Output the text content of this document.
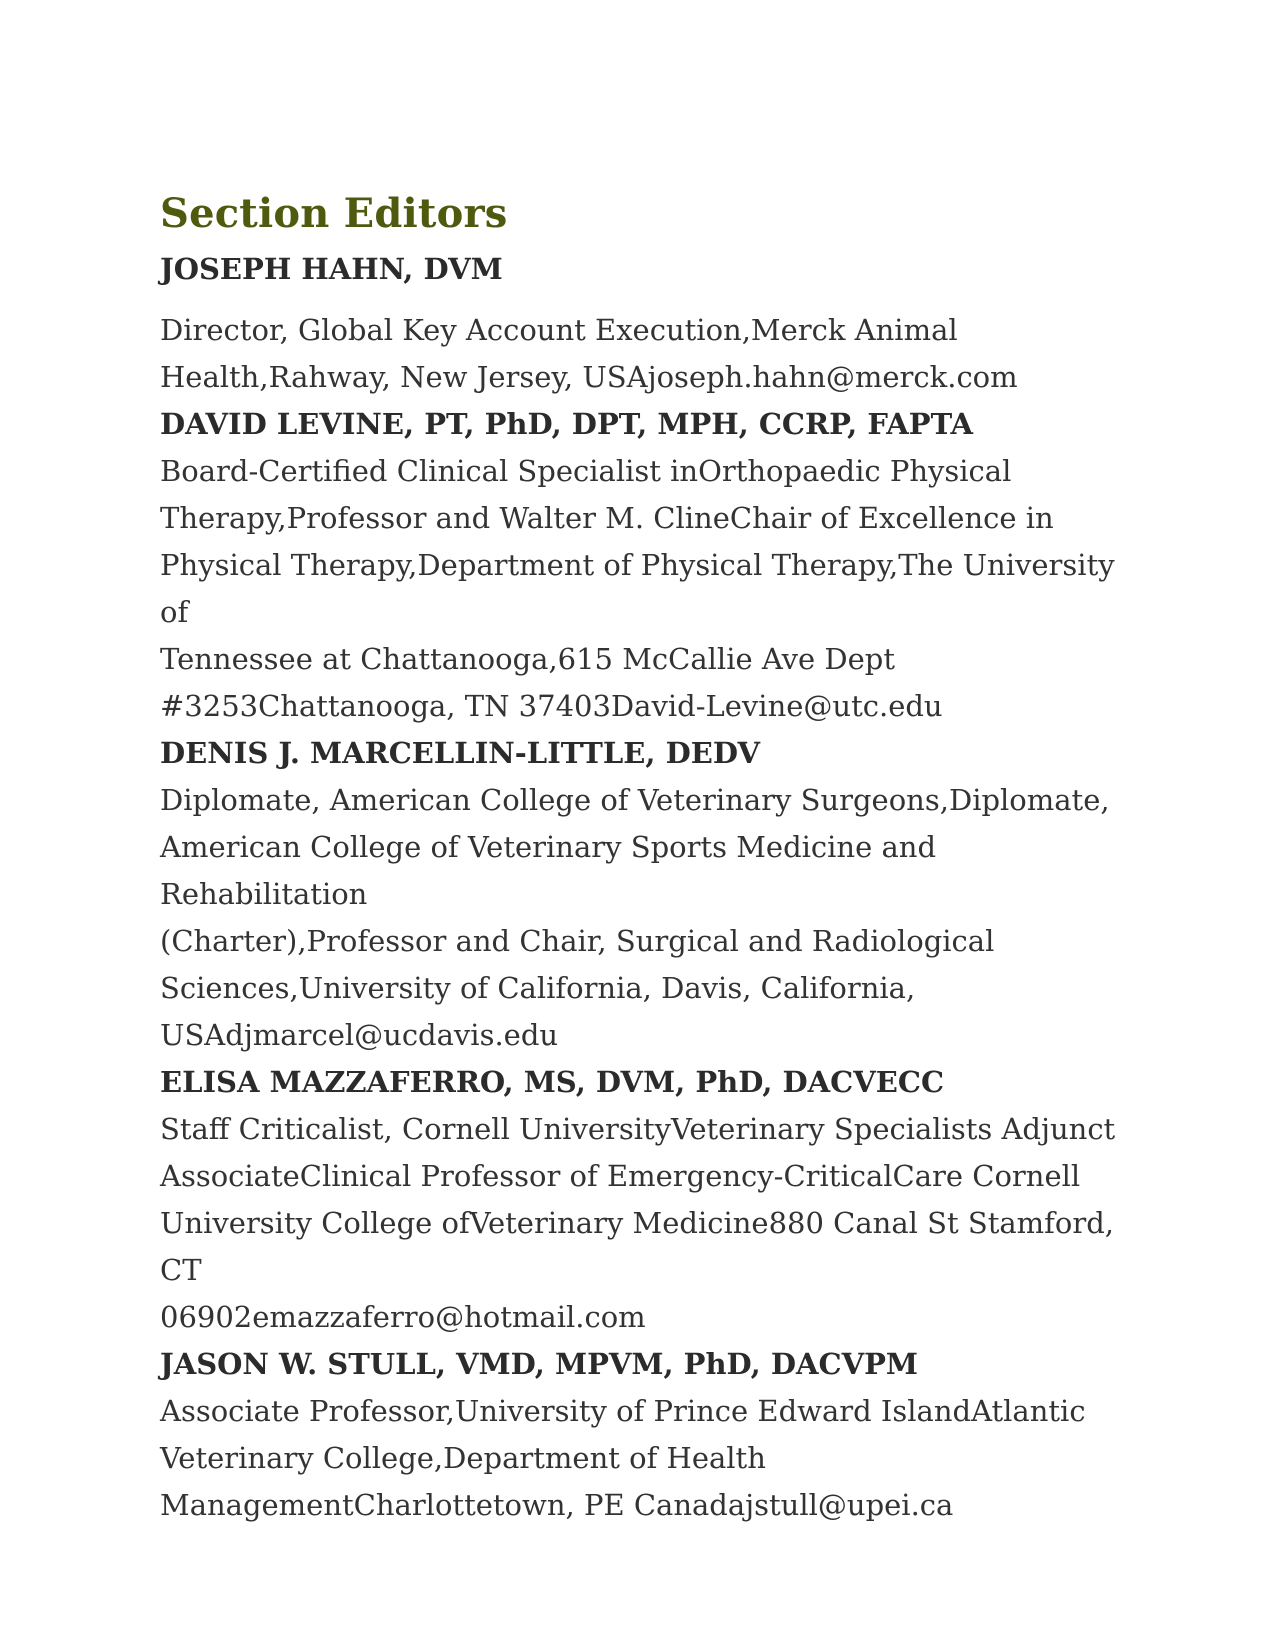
Section Editors

JOSEPH HAHN, DVM

Director, Global Key Account Execution,Merck Animal

Health,Rahway, New Jersey, USAjoseph.hahn@merck.com

DAVID LEVINE, PT, PhD, DPT, MPH, CCRP, FAPTA

Board-Certified Clinical Specialist inOrthopaedic Physical

Therapy,Professor and Walter M. ClineChair of Excellence in

Physical Therapy,Department of Physical Therapy,The University of

Tennessee at Chattanooga,615 McCallie Ave Dept

#3253Chattanooga, TN 37403David-Levine@utc.edu

DENIS J. MARCELLIN-LITTLE, DEDV

Diplomate, American College of Veterinary Surgeons,Diplomate,

American College of Veterinary Sports Medicine and Rehabilitation

(Charter),Professor and Chair, Surgical and Radiological

Sciences,University of California, Davis, California,

USAdjmarcel@ucdavis.edu

ELISA MAZZAFERRO, MS, DVM, PhD, DACVECC

Staff Criticalist, Cornell UniversityVeterinary Specialists Adjunct

AssociateClinical Professor of Emergency-CriticalCare Cornell

University College ofVeterinary Medicine880 Canal St Stamford, CT

06902emazzaferro@hotmail.com

JASON W. STULL, VMD, MPVM, PhD, DACVPM

Associate Professor,University of Prince Edward IslandAtlantic

Veterinary College,Department of Health

ManagementCharlottetown, PE Canadajstull@upei.ca
